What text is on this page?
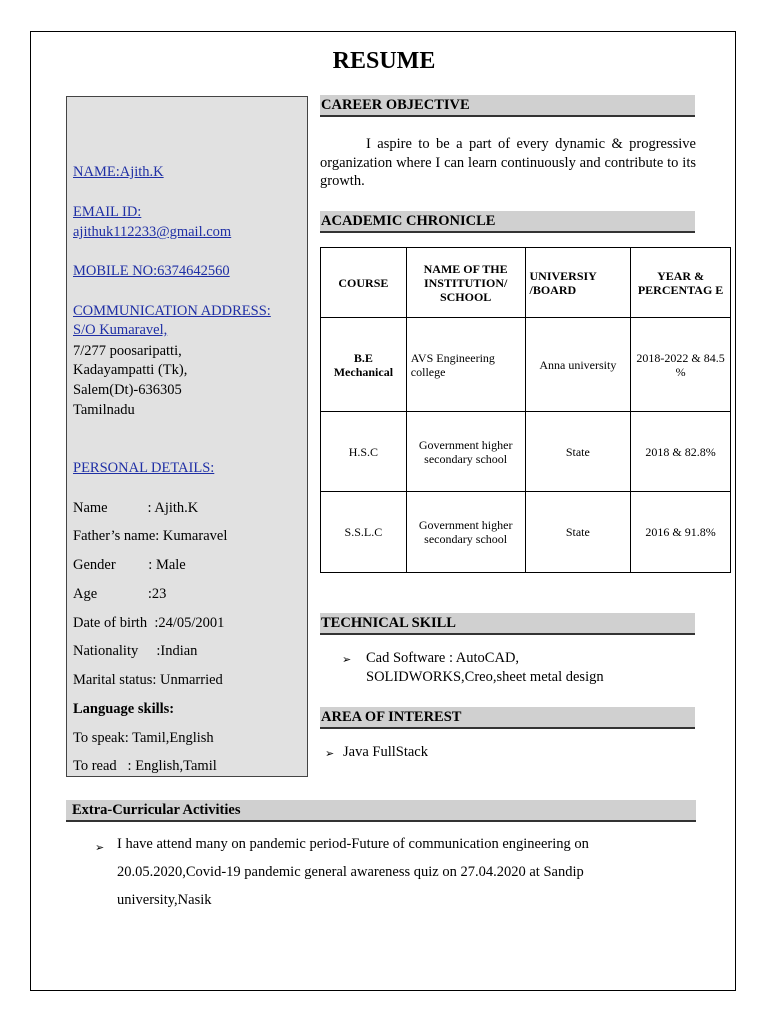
RESUME
NAME:Ajith.K
EMAIL ID:
ajithuk112233@gmail.com
MOBILE NO:6374642560
COMMUNICATION ADDRESS:
S/O Kumaravel,
7/277 poosaripatti,
Kadayampatti (Tk),
Salem(Dt)-636305
Tamilnadu
PERSONAL DETAILS:
Name           : Ajith.K
Father’s name: Kumaravel
Gender         : Male
Age              :23
Date of birth  :24/05/2001
Nationality     :Indian
Marital status: Unmarried
Language skills:
To speak: Tamil,English
To read   : English,Tamil
CAREER OBJECTIVE
I aspire to be a part of every dynamic & progressive organization where I can learn continuously and contribute to its growth.
ACADEMIC CHRONICLE
COURSE	NAME OF THE INSTITUTION/ SCHOOL	UNIVERSIY /BOARD	YEAR & PERCENTAG E
B.E Mechanical	AVS Engineering college	Anna university	2018-2022 & 84.5 %
H.S.C	Government higher secondary school	State	2018 & 82.8%
S.S.L.C	Government higher secondary school	State	2016 & 91.8%
TECHNICAL SKILL
➢	Cad Software : AutoCAD, SOLIDWORKS,Creo,sheet metal design
AREA OF INTEREST
➢ Java FullStack
Extra-Curricular Activities
➢ I have attend many on pandemic period-Future of communication engineering on 20.05.2020,Covid-19 pandemic general awareness quiz on 27.04.2020 at Sandip university,Nasik
